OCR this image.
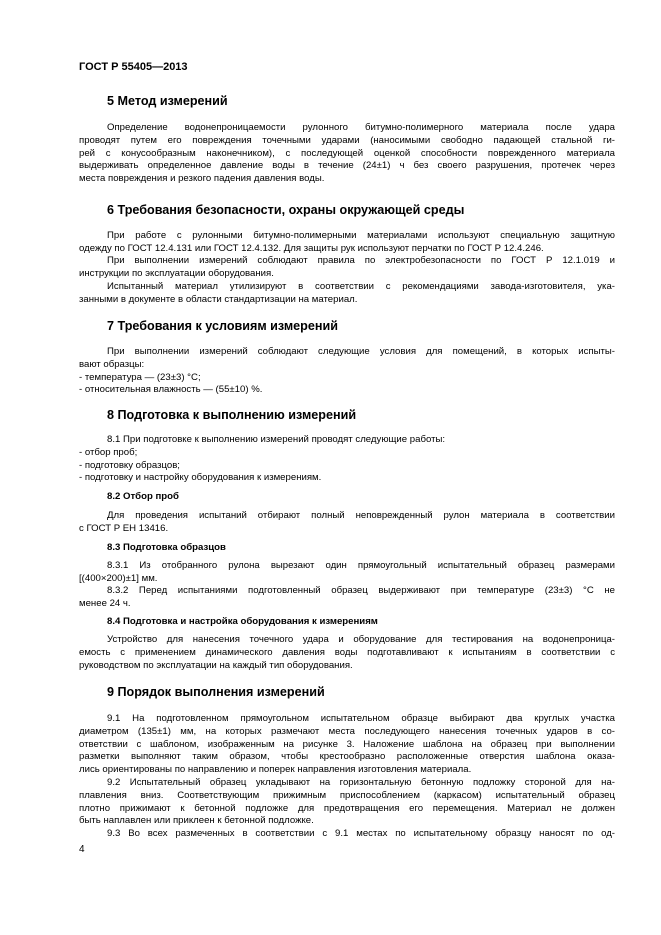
ГОСТ Р 55405—2013
5 Метод измерений
Определение водонепроницаемости рулонного битумно-полимерного материала после удара
проводят путем его повреждения точечными ударами (наносимыми свободно падающей стальной ги-
рей с конусообразным наконечником), с последующей оценкой способности поврежденного материала
выдерживать определенное давление воды в течение (24±1) ч без своего разрушения, протечек через
места повреждения и резкого падения давления воды.
6 Требования безопасности, охраны окружающей среды
При работе с рулонными битумно-полимерными материалами используют специальную защитную
одежду по ГОСТ 12.4.131 или ГОСТ 12.4.132. Для защиты рук используют перчатки по ГОСТ Р 12.4.246.
При выполнении измерений соблюдают правила по электробезопасности по ГОСТ Р 12.1.019 и
инструкции по эксплуатации оборудования.
Испытанный материал утилизируют в соответствии с рекомендациями завода-изготовителя, ука-
занными в документе в области стандартизации на материал.
7 Требования к условиям измерений
При выполнении измерений соблюдают следующие условия для помещений, в которых испыты-
вают образцы:
- температура — (23±3) °С;
- относительная влажность — (55±10) %.
8 Подготовка к выполнению измерений
8.1 При подготовке к выполнению измерений проводят следующие работы:
- отбор проб;
- подготовку образцов;
- подготовку и настройку оборудования к измерениям.
8.2 Отбор проб
Для проведения испытаний отбирают полный неповрежденный рулон материала в соответствии
с ГОСТ Р ЕН 13416.
8.3 Подготовка образцов
8.3.1 Из отобранного рулона вырезают один прямоугольный испытательный образец размерами
[(400×200)±1] мм.
8.3.2 Перед испытаниями подготовленный образец выдерживают при температуре (23±3) °С не
менее 24 ч.
8.4 Подготовка и настройка оборудования к измерениям
Устройство для нанесения точечного удара и оборудование для тестирования на водонепроница-
емость с применением динамического давления воды подготавливают к испытаниям в соответствии с
руководством по эксплуатации на каждый тип оборудования.
9 Порядок выполнения измерений
9.1 На подготовленном прямоугольном испытательном образце выбирают два круглых участка
диаметром (135±1) мм, на которых размечают места последующего нанесения точечных ударов в со-
ответствии с шаблоном, изображенным на рисунке 3. Наложение шаблона на образец при выполнении
разметки выполняют таким образом, чтобы крестообразно расположенные отверстия шаблона оказа-
лись ориентированы по направлению и поперек направления изготовления материала.
9.2 Испытательный образец укладывают на горизонтальную бетонную подложку стороной для на-
плавления вниз. Соответствующим прижимным приспособлением (каркасом) испытательный образец
плотно прижимают к бетонной подложке для предотвращения его перемещения. Материал не должен
быть наплавлен или приклеен к бетонной подложке.
9.3 Во всех размеченных в соответствии с 9.1 местах по испытательному образцу наносят по од-
4
